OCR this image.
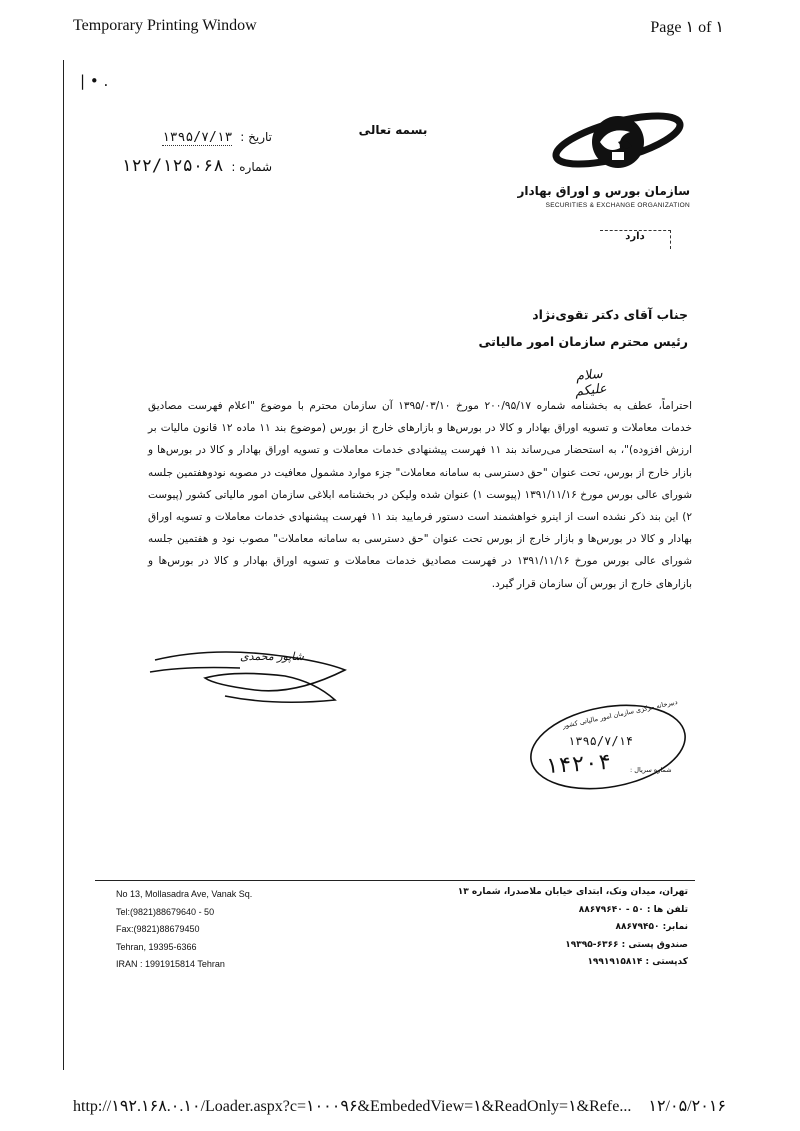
Temporary Printing Window	Page ۱ of ۱
| • .
تاریخ : ۱۳۹۵/۷/۱۳
شماره : ۱۲۲/۱۲۵۰۶۸
بسمه تعالی
سازمان بورس و اوراق بهادار
SECURITIES & EXCHANGE ORGANIZATION
دارد
جناب آقای دکتر تقوی‌نژاد
رئیس محترم سازمان امور مالیاتی
سلام علیکم
احتراماً، عطف به بخشنامه شماره ۲۰۰/۹۵/۱۷ مورخ ۱۳۹۵/۰۳/۱۰ آن سازمان محترم با موضوع "اعلام فهرست مصادیق خدمات معاملات و تسویه اوراق بهادار و کالا در بورس‌ها و بازارهای خارج از بورس (موضوع بند ۱۱ ماده ۱۲ قانون مالیات بر ارزش افزوده)"، به استحضار می‌رساند بند ۱۱ فهرست پیشنهادی خدمات معاملات و تسویه اوراق بهادار و کالا در بورس‌ها و بازار خارج از بورس، تحت عنوان "حق دسترسی به سامانه معاملات" جزء موارد مشمول معافیت در مصوبه نودوهفتمین جلسه شورای عالی بورس مورخ ۱۳۹۱/۱۱/۱۶ (پیوست ۱) عنوان شده ولیکن در بخشنامه ابلاغی سازمان امور مالیاتی کشور (پیوست ۲) این بند ذکر نشده است از اینرو خواهشمند است دستور فرمایید بند ۱۱ فهرست پیشنهادی خدمات معاملات و تسویه اوراق بهادار و کالا در بورس‌ها و بازار خارج از بورس تحت عنوان "حق دسترسی به سامانه معاملات" مصوب نود و هفتمین جلسه شورای عالی بورس مورخ ۱۳۹۱/۱۱/۱۶ در فهرست مصادیق خدمات معاملات و تسویه اوراق بهادار و کالا در بورس‌ها و بازارهای خارج از بورس آن سازمان قرار گیرد.
شاپور محمدی
دبیرخانه مرکزی سازمان امور مالیاتی کشور
۱۳۹۵/۷/۱۴
۱۴۲۰۴	شماره سریال :
No 13, Mollasadra Ave, Vanak Sq.
Tel:(9821)88679640 - 50
Fax:(9821)88679450
Tehran, 19395-6366
IRAN : 1991915814 Tehran
تهران، میدان ونک، ابتدای خیابان ملاصدرا، شماره ۱۳
تلفن ها : ۵۰ - ۸۸۶۷۹۶۴۰
نمابر: ۸۸۶۷۹۴۵۰
صندوق پستی : ۶۳۶۶-۱۹۳۹۵
کدپستی : ۱۹۹۱۹۱۵۸۱۴
http://۱۹۲.۱۶۸.۰.۱۰/Loader.aspx?c=۱۰۰۰۹۶&EmbededView=۱&ReadOnly=۱&Refe... ۱۲/۰۵/۲۰۱۶
